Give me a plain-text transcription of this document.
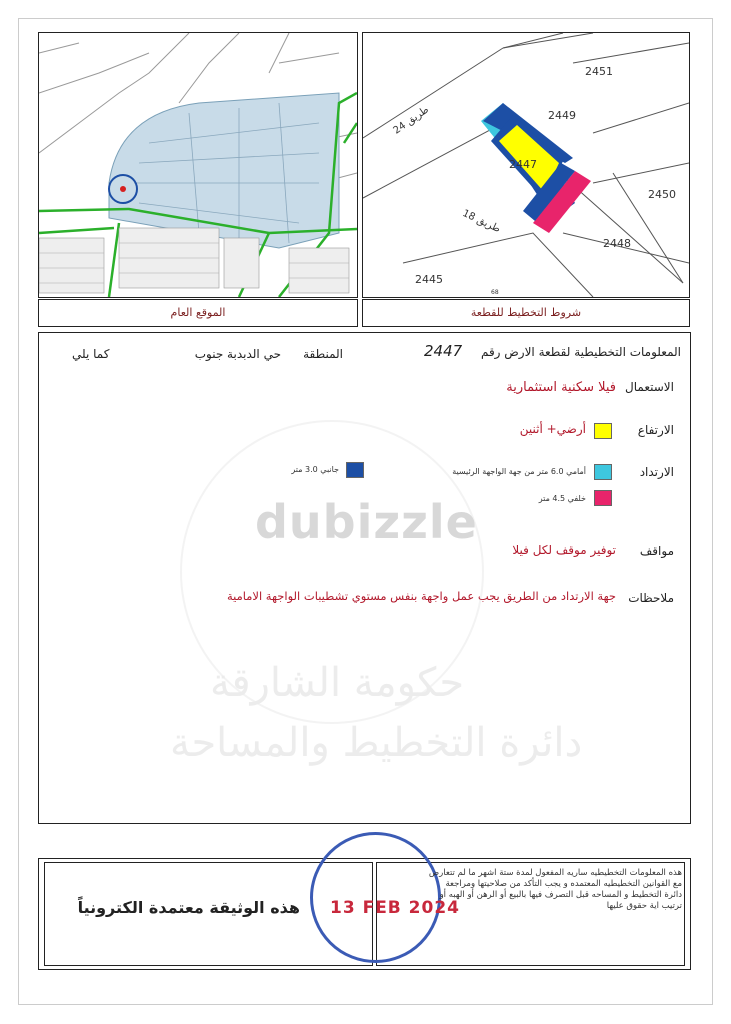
الموقع العام
2451
2449
2447
2450
2448
2445
68
طريق 24
طريق 18
شروط التخطيط للقطعة
dubizzle
حكومة الشارقة
دائرة التخطيط والمساحة
المعلومات التخطيطية لقطعة الارض رقم
2447
المنطقة
حي الدبدبة جنوب
كما يلي
الاستعمال
فيلا سكنية استثمارية
الارتفاع
أرضي+ أثنين
الارتداد
أمامي 6.0 متر من جهة الواجهة الرئيسية
جانبي 3.0 متر
خلفي 4.5 متر
مواقف
توفير موقف لكل فيلا
ملاحظات
جهة الارتداد من الطريق يجب عمل واجهة بنفس مستوي تشطيبات الواجهة الامامية
13 FEB 2024
هذه الوثيقة معتمدة الكترونياً
هذه المعلومات التخطيطيه ساريه المفعول لمدة ستة اشهر ما لم تتعارض مع القوانين التخطيطيه المعتمده و يجب التأكد من صلاحيتها ومراجعة دائرة التخطيط و المساحه قبل التصرف فيها بالبيع أو الرهن أو الهبه أو ترتيب اية حقوق عليها
